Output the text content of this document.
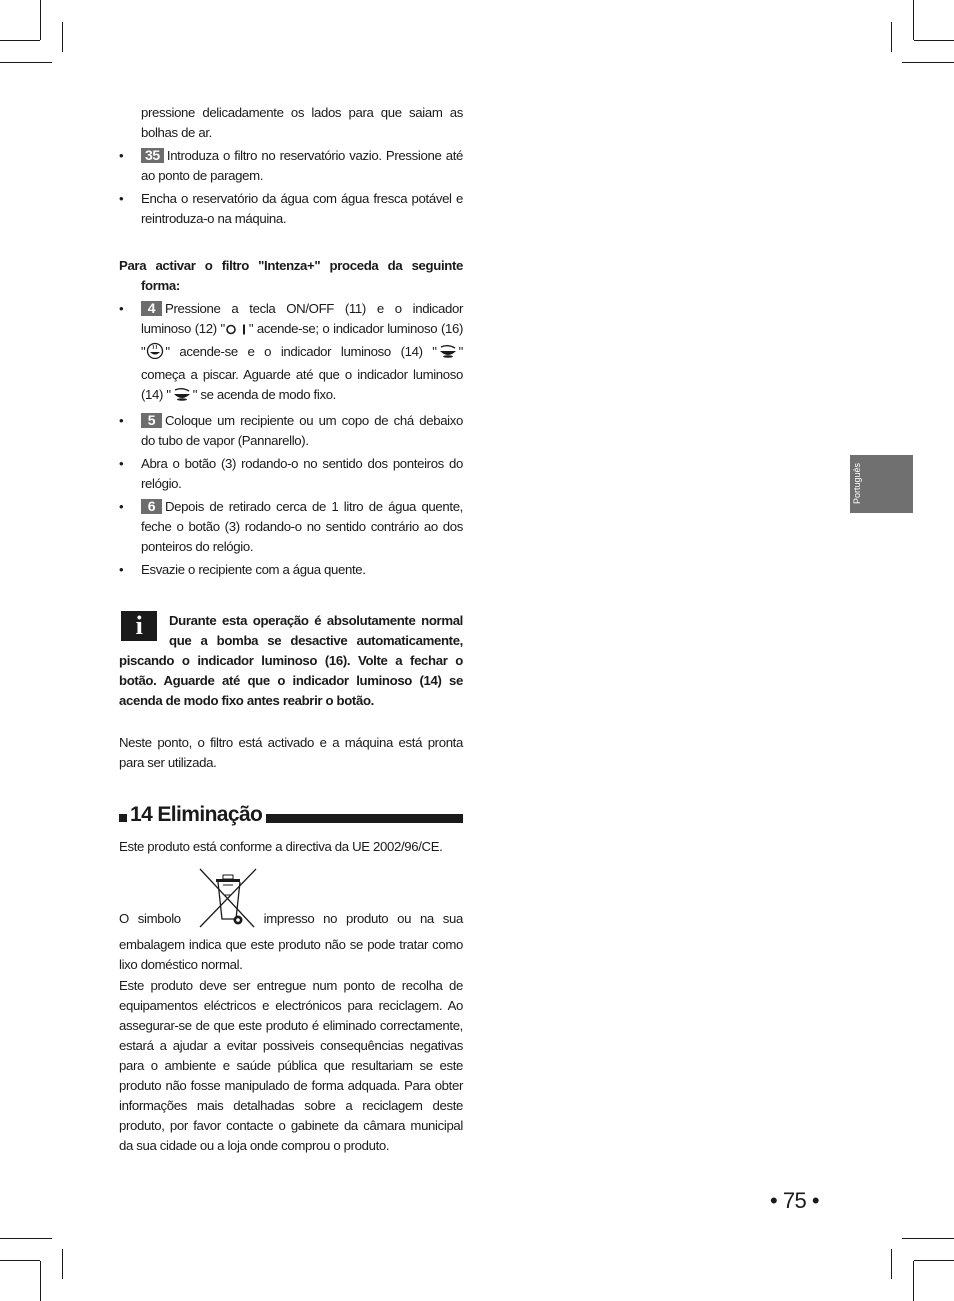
Português

pressione delicadamente os lados para que saiam as bolhas de ar.

• 35 Introduza o filtro no reservatório vazio. Pressione até ao ponto de paragem.
• Encha o reservatório da água com água fresca potável e reintroduza-o na máquina.

Para activar o filtro "Intenza+" proceda da seguinte forma:

• 4 Pressione a tecla ON/OFF (11) e o indicador luminoso (12) " " acende-se; o indicador luminoso (16) " " acende-se e o indicador luminoso (14) " " começa a piscar. Aguarde até que o indicador luminoso (14) " " se acenda de modo fixo.
• 5 Coloque um recipiente ou um copo de chá debaixo do tubo de vapor (Pannarello).
• Abra o botão (3) rodando-o no sentido dos ponteiros do relógio.
• 6 Depois de retirado cerca de 1 litro de água quente, feche o botão (3) rodando-o no sentido contrário ao dos ponteiros do relógio.
• Esvazie o recipiente com a água quente.
i Durante esta operação é absolutamente normal que a bomba se desactive automaticamente, piscando o indicador luminoso (16). Volte a fechar o botão. Aguarde até que o indicador luminoso (14) se acenda de modo fixo antes reabrir o botão.

Neste ponto, o filtro está activado e a máquina está pronta para ser utilizada.

14 Eliminação

Este produto está conforme a directiva da UE 2002/96/CE.

O simbolo	impresso no produto ou na sua embalagem indica que este produto não se pode tratar como lixo doméstico normal.

Este produto deve ser entregue num ponto de recolha de equipamentos eléctricos e electrónicos para reciclagem. Ao assegurar-se de que este produto é eliminado correctamente, estará a ajudar a evitar possiveis consequências negativas para o ambiente e saúde pública que resultariam se este produto não fosse manipulado de forma adquada. Para obter informações mais detalhadas sobre a reciclagem deste produto, por favor contacte o gabinete da câmara municipal da sua cidade ou a loja onde comprou o produto.

• 75 •
